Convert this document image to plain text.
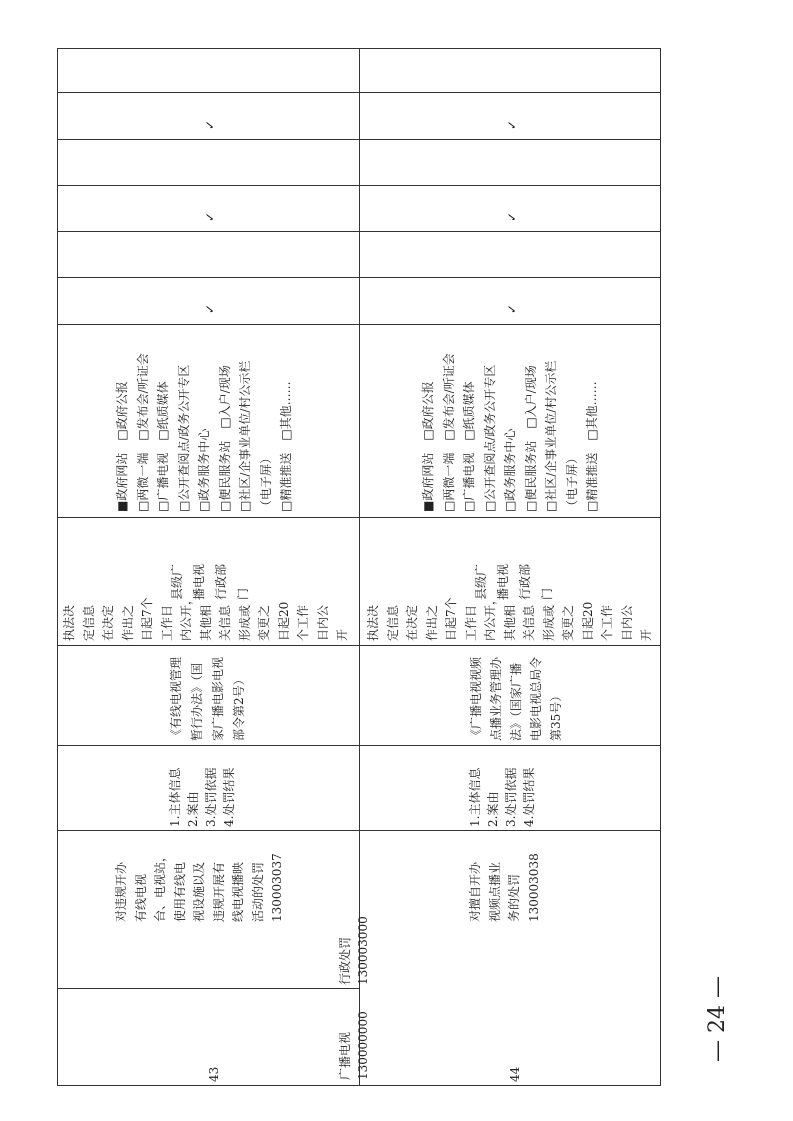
43	广播电视
130000000
行政处罚
130003000
对违规开办
有线电视
台、电视站，
使用有线电
视设施以及
违规开展有
线电视播映
活动的处罚
130003037
1.主体信息
2.案由
3.处罚依据
4.处罚结果
《有线电视管理
暂行办法》（国
家广播电影电视
部令第2号）
执法决
定信息
在决定
作出之
日起7个
工作日
内公开，
其他相
关信息
形成或
变更之
日起20
个工作
日内公
开
县级广
播电视
行政部
门
■政府网站　□政府公报
□两微一端　□发布会/听证会
□广播电视　□纸质媒体
□公开查阅点/政务公开专区
□政务服务中心
□便民服务站　□入户/现场
□社区/企事业单位/村公示栏
（电子屏）
□精准推送　□其他……
✓
✓
✓
44
对擅自开办
视频点播业
务的处罚
130003038
1.主体信息
2.案由
3.处罚依据
4.处罚结果
《广播电视视频
点播业务管理办
法》（国家广播
电影电视总局令
第35号）
执法决
定信息
在决定
作出之
日起7个
工作日
内公开，
其他相
关信息
形成或
变更之
日起20
个工作
日内公
开
县级广
播电视
行政部
门
■政府网站　□政府公报
□两微一端　□发布会/听证会
□广播电视　□纸质媒体
□公开查阅点/政务公开专区
□政务服务中心
□便民服务站　□入户/现场
□社区/企事业单位/村公示栏
（电子屏）
□精准推送　□其他……
✓
✓
✓
— 24 —
